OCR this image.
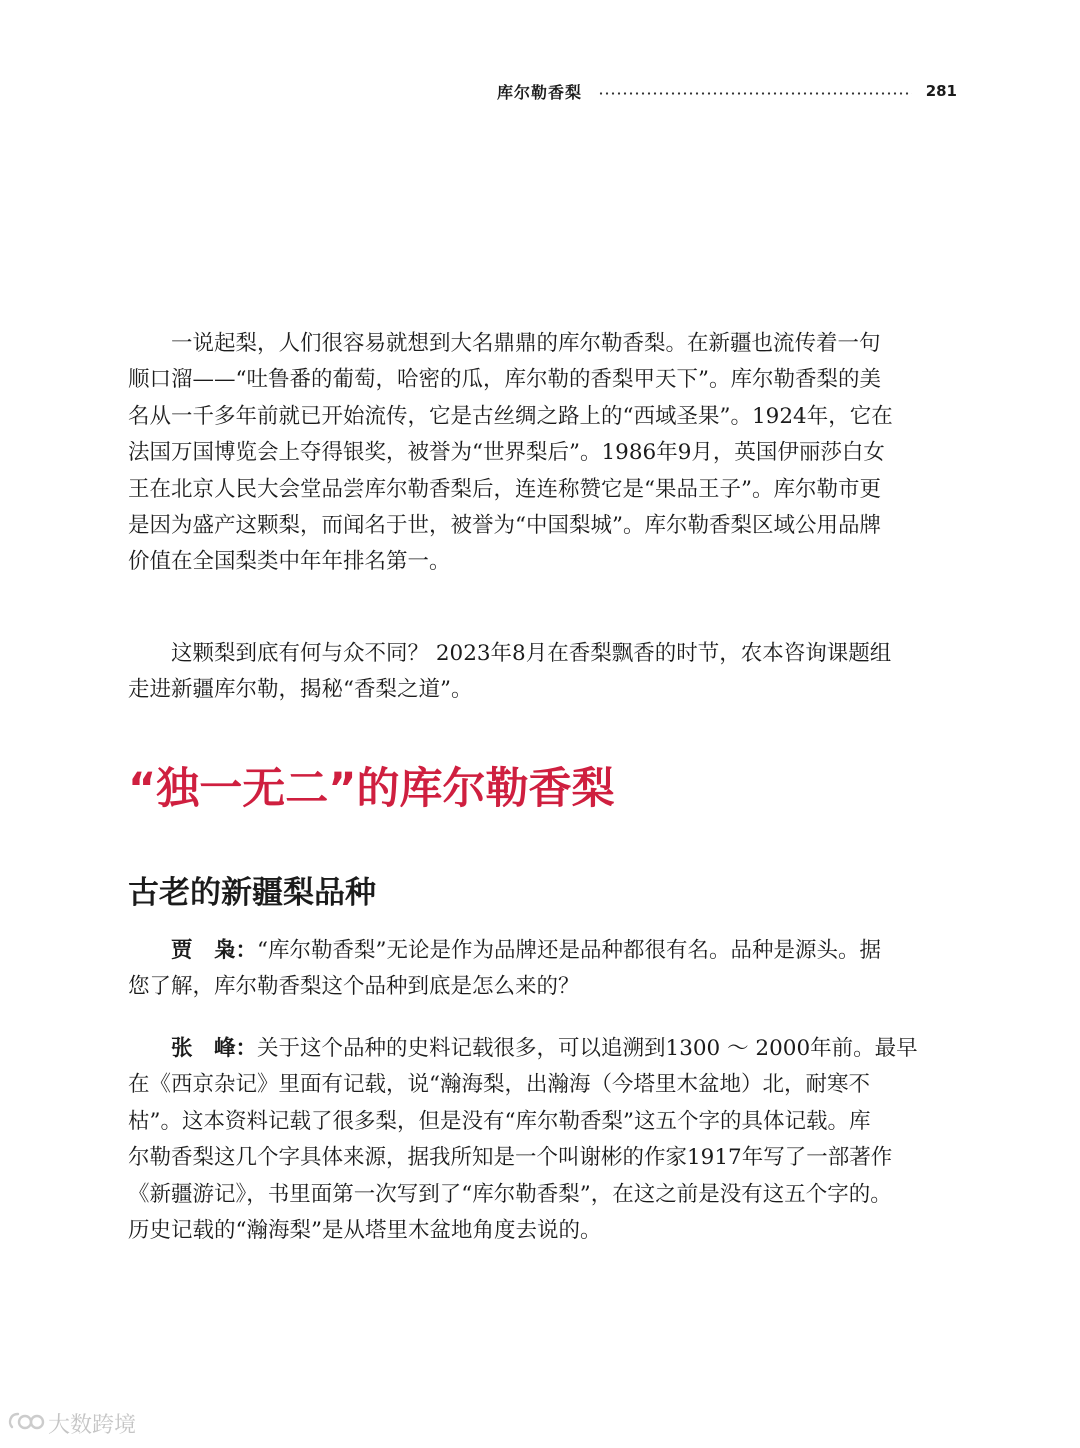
库尔勒香梨	281

一说起梨，人们很容易就想到大名鼎鼎的库尔勒香梨。在新疆也流传着一句
顺口溜——“吐鲁番的葡萄，哈密的瓜，库尔勒的香梨甲天下”。库尔勒香梨的美
名从一千多年前就已开始流传，它是古丝绸之路上的“西域圣果”。1924年，它在
法国万国博览会上夺得银奖，被誉为“世界梨后”。1986年9月，英国伊丽莎白女
王在北京人民大会堂品尝库尔勒香梨后，连连称赞它是“果品王子”。库尔勒市更
是因为盛产这颗梨，而闻名于世，被誉为“中国梨城”。库尔勒香梨区域公用品牌
价值在全国梨类中年年排名第一。

这颗梨到底有何与众不同？ 2023年8月在香梨飘香的时节，农本咨询课题组
走进新疆库尔勒，揭秘“香梨之道”。

“独一无二”的库尔勒香梨
古老的新疆梨品种

贾　枭：“库尔勒香梨”无论是作为品牌还是品种都很有名。品种是源头。据
您了解，库尔勒香梨这个品种到底是怎么来的？

张　峰：关于这个品种的史料记载很多，可以追溯到1300 ～ 2000年前。最早
在《西京杂记》里面有记载，说“瀚海梨，出瀚海（今塔里木盆地）北，耐寒不
枯”。这本资料记载了很多梨，但是没有“库尔勒香梨”这五个字的具体记载。库
尔勒香梨这几个字具体来源，据我所知是一个叫谢彬的作家1917年写了一部著作
《新疆游记》，书里面第一次写到了“库尔勒香梨”，在这之前是没有这五个字的。
历史记载的“瀚海梨”是从塔里木盆地角度去说的。

大数跨境
